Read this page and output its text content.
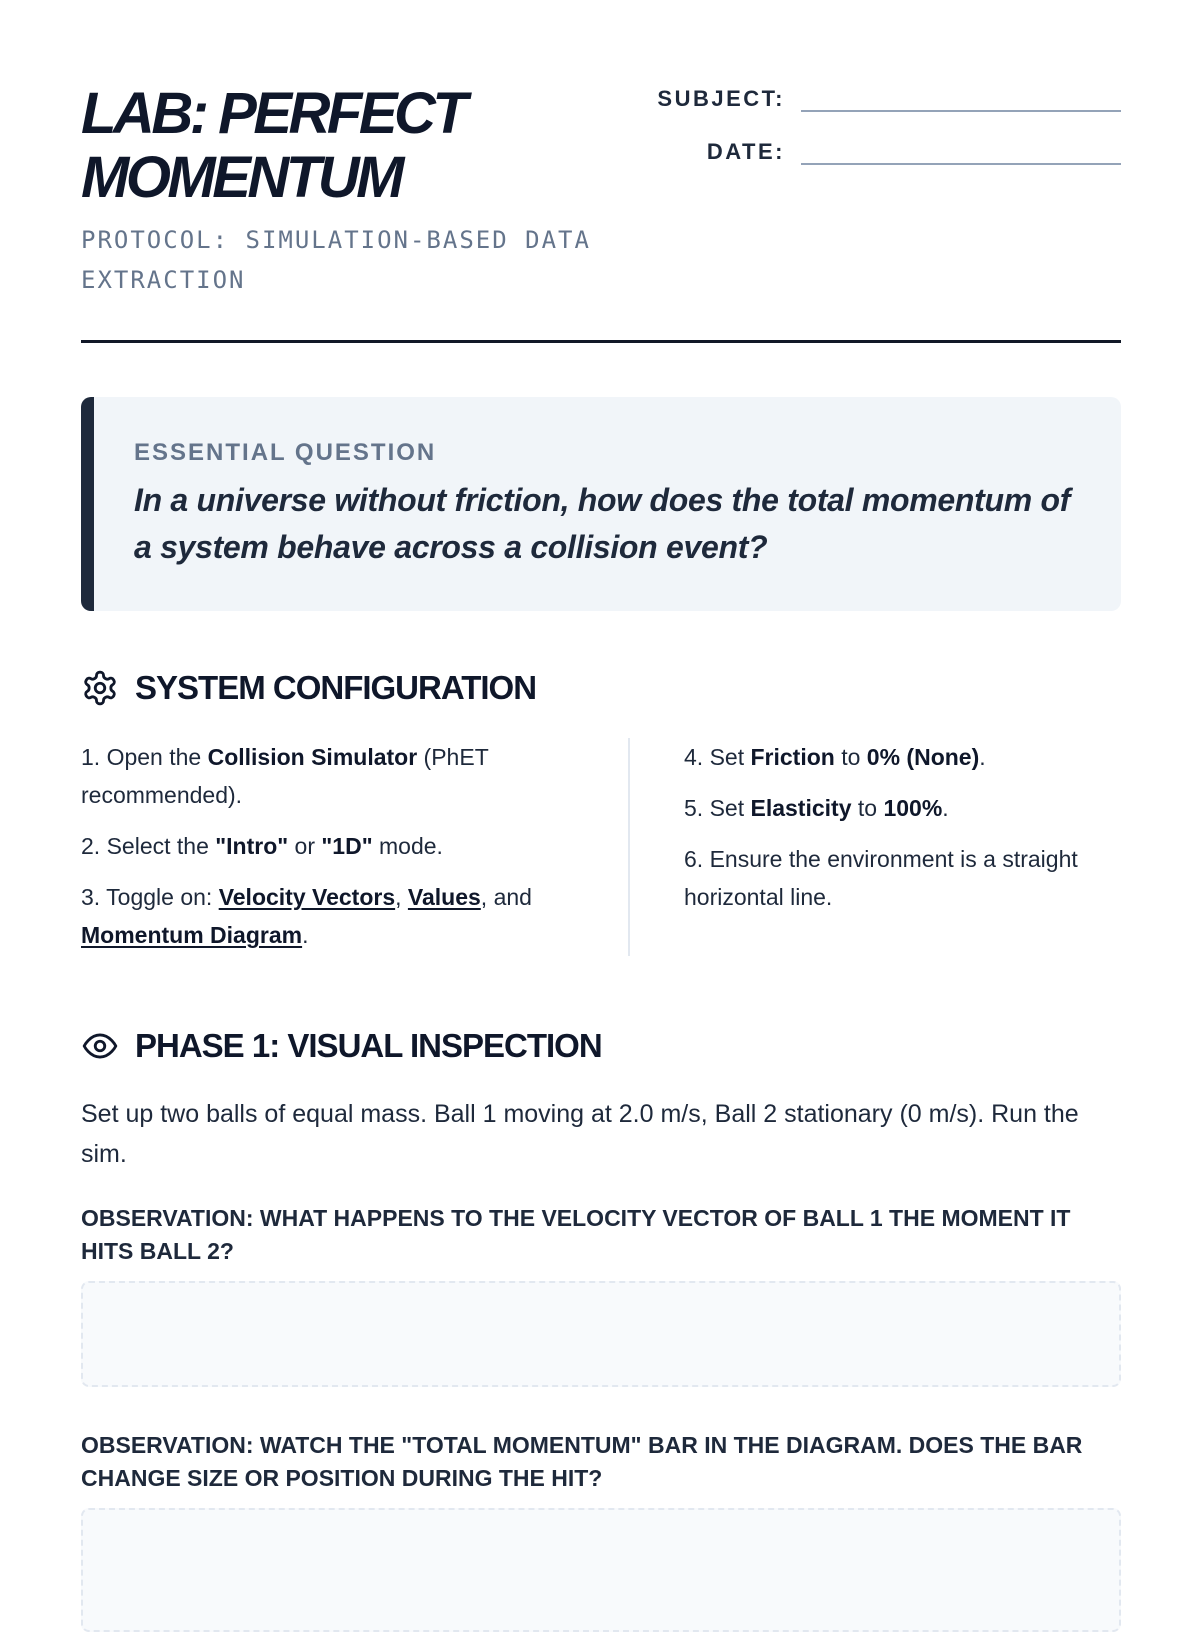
LAB: PERFECT MOMENTUM
PROTOCOL: SIMULATION-BASED DATA EXTRACTION
SUBJECT:
DATE:
ESSENTIAL QUESTION
In a universe without friction, how does the total momentum of a system behave across a collision event?
SYSTEM CONFIGURATION

1. Open the Collision Simulator (PhET recommended).

2. Select the "Intro" or "1D" mode.

3. Toggle on: Velocity Vectors, Values, and Momentum Diagram.

4. Set Friction to 0% (None).

5. Set Elasticity to 100%.

6. Ensure the environment is a straight horizontal line.

PHASE 1: VISUAL INSPECTION
Set up two balls of equal mass. Ball 1 moving at 2.0 m/s, Ball 2 stationary (0 m/s). Run the sim.
OBSERVATION: WHAT HAPPENS TO THE VELOCITY VECTOR OF BALL 1 THE MOMENT IT HITS BALL 2?
OBSERVATION: WATCH THE "TOTAL MOMENTUM" BAR IN THE DIAGRAM. DOES THE BAR CHANGE SIZE OR POSITION DURING THE HIT?
